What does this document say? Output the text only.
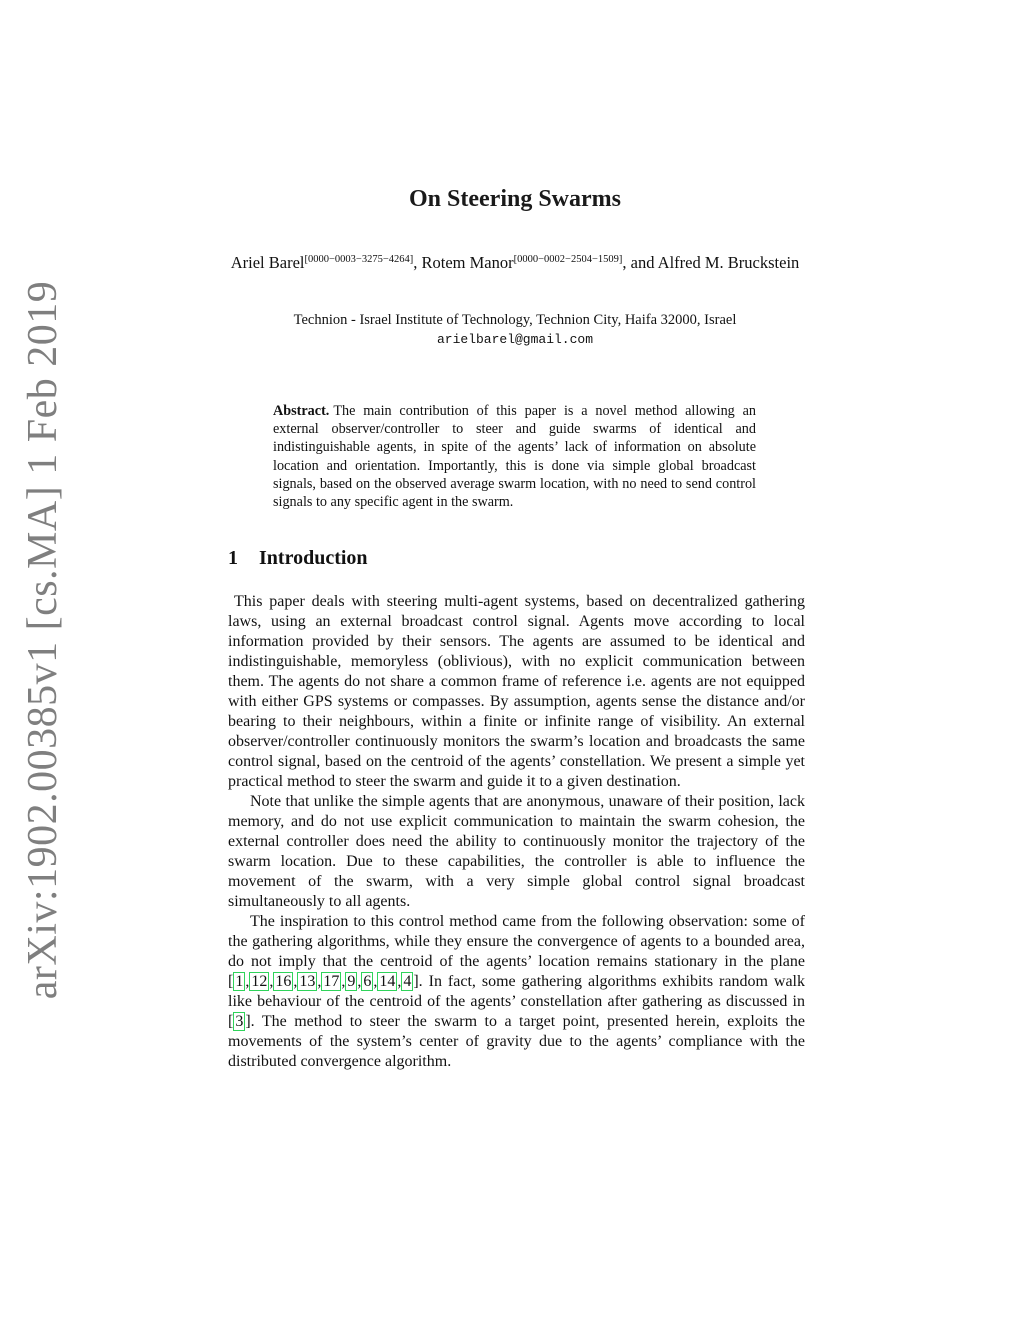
arXiv:1902.00385v1 [cs.MA] 1 Feb 2019
On Steering Swarms
Ariel Barel[0000−0003−3275−4264], Rotem Manor[0000−0002−2504−1509], and Alfred M. Bruckstein
Technion - Israel Institute of Technology, Technion City, Haifa 32000, Israel
arielbarel@gmail.com
Abstract. The main contribution of this paper is a novel method allowing an external observer/controller to steer and guide swarms of identical and indistinguishable agents, in spite of the agents’ lack of information on absolute location and orientation. Importantly, this is done via simple global broadcast signals, based on the observed average swarm location, with no need to send control signals to any specific agent in the swarm.
1 Introduction

This paper deals with steering multi-agent systems, based on decentralized gathering laws, using an external broadcast control signal. Agents move according to local information provided by their sensors. The agents are assumed to be identical and indistinguishable, memoryless (oblivious), with no explicit communication between them. The agents do not share a common frame of reference i.e. agents are not equipped with either GPS systems or compasses. By assumption, agents sense the distance and/or bearing to their neighbours, within a finite or infinite range of visibility. An external observer/controller continuously monitors the swarm’s location and broadcasts the same control signal, based on the centroid of the agents’ constellation. We present a simple yet practical method to steer the swarm and guide it to a given destination.

Note that unlike the simple agents that are anonymous, unaware of their position, lack memory, and do not use explicit communication to maintain the swarm cohesion, the external controller does need the ability to continuously monitor the trajectory of the swarm location. Due to these capabilities, the controller is able to influence the movement of the swarm, with a very simple global control signal broadcast simultaneously to all agents.

The inspiration to this control method came from the following observation: some of the gathering algorithms, while they ensure the convergence of agents to a bounded area, do not imply that the centroid of the agents’ location remains stationary in the plane [ 1 , 12 , 16 , 13 , 17 , 9 , 6 , 14 , 4 ]. In fact, some gathering algorithms exhibits random walk like behaviour of the centroid of the agents’ constellation after gathering as discussed in [ 3 ]. The method to steer the swarm to a target point, presented herein, exploits the movements of the system’s center of gravity due to the agents’ compliance with the distributed convergence algorithm.
